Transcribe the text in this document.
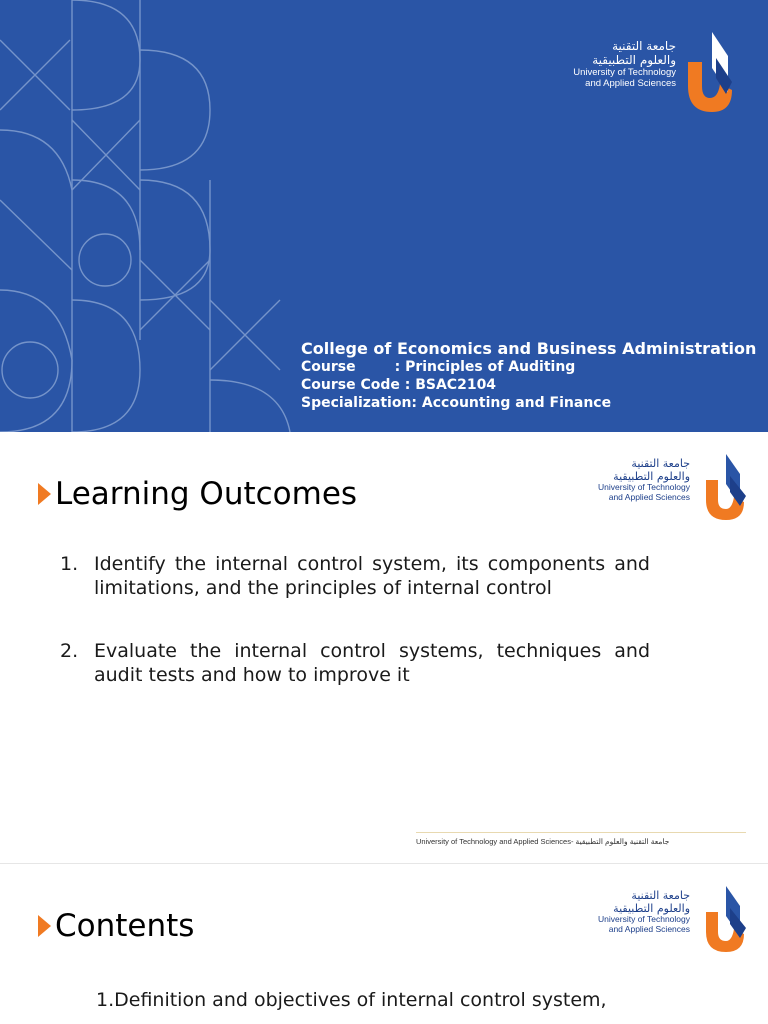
جامعة التقنية
والعلوم التطبيقية
University of Technology
and Applied Sciences
College of Economics and Business Administration
Course        : Principles of Auditing
Course Code : BSAC2104
Specialization: Accounting and Finance
Learning Outcomes
جامعة التقنية
والعلوم التطبيقية
University of Technology
and Applied Sciences
1. Identify the internal control system, its components and limitations, and the principles of internal control
2. Evaluate the internal control systems, techniques and audit tests and how to improve it
University of Technology and Applied Sciences- جامعة التقنية والعلوم التطبيقية
Contents
جامعة التقنية
والعلوم التطبيقية
University of Technology
and Applied Sciences
1.Definition and objectives of internal control system,
